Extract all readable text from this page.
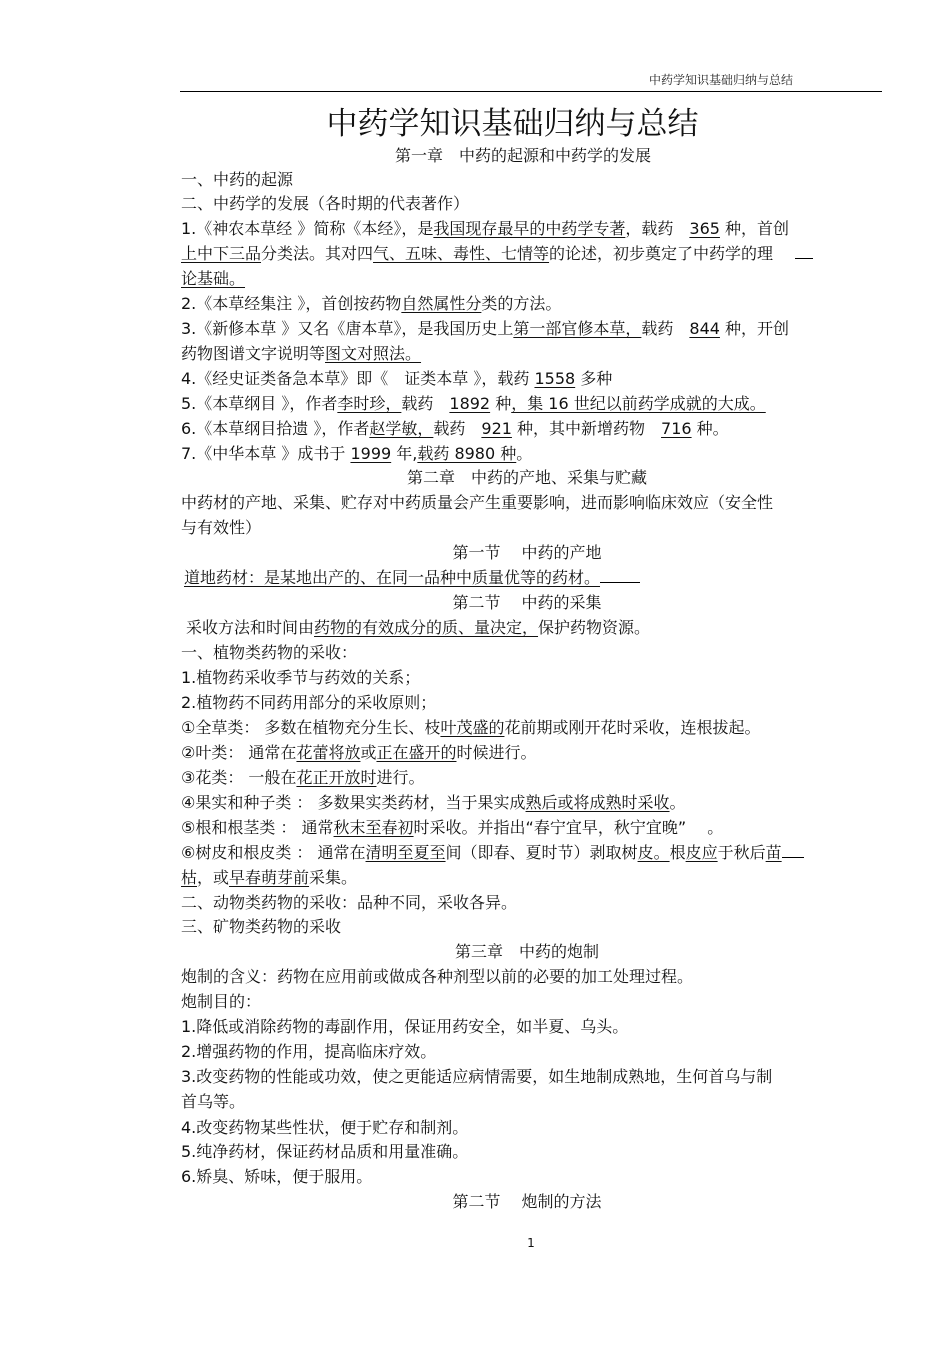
中药学知识基础归纳与总结
中药学知识基础归纳与总结

第一章　中药的起源和中药学的发展

一、中药的起源

二、中药学的发展（各时期的代表著作）

1.《神农本草经 》简称《本经》，是我国现存最早的中药学专著，载药　365 种，首创

上中下三品分类法。其对四气、五味、毒性、七情等的论述，初步奠定了中药学的理

论基础。

2.《本草经集注 》，首创按药物自然属性分类的方法。

3.《新修本草 》又名《唐本草》，是我国历史上第一部官修本草，载药　844 种，开创

药物图谱文字说明等图文对照法。

4.《经史证类备急本草》即《　证类本草 》，载药 1558 多种

5.《本草纲目 》，作者李时珍，载药　1892 种，集 16 世纪以前药学成就的大成。

6.《本草纲目拾遗 》，作者赵学敏，载药　921 种，其中新增药物　716 种。

7.《中华本草 》成书于 1999 年,载药 8980 种。

第二章　中药的产地、采集与贮藏

中药材的产地、采集、贮存对中药质量会产生重要影响，进而影响临床效应（安全性

与有效性）

第一节　 中药的产地

道地药材：是某地出产的、在同一品种中质量优等的药材。

第二节　 中药的采集

采收方法和时间由药物的有效成分的质、量决定，保护药物资源。

一、植物类药物的采收：

1.植物药采收季节与药效的关系；

2.植物药不同药用部分的采收原则；

①全草类： 多数在植物充分生长、枝叶茂盛的花前期或刚开花时采收，连根拔起。

②叶类： 通常在花蕾将放或正在盛开的时候进行。

③花类： 一般在花正开放时进行。

④果实和种子类 ： 多数果实类药材，当于果实成熟后或将成熟时采收。

⑤根和根茎类 ： 通常秋末至春初时采收。并指出“春宁宜早，秋宁宜晚”　 。

⑥树皮和根皮类 ： 通常在清明至夏至间（即春、夏时节）剥取树皮。根皮应于秋后苗

枯，或早春萌芽前采集。

二、动物类药物的采收：品种不同，采收各异。

三、矿物类药物的采收

第三章　中药的炮制

炮制的含义：药物在应用前或做成各种剂型以前的必要的加工处理过程。

炮制目的：

1.降低或消除药物的毒副作用，保证用药安全，如半夏、乌头。

2.增强药物的作用，提高临床疗效。

3.改变药物的性能或功效，使之更能适应病情需要，如生地制成熟地，生何首乌与制

首乌等。

4.改变药物某些性状，便于贮存和制剂。

5.纯净药材，保证药材品质和用量准确。

6.矫臭、矫味，便于服用。

第二节　 炮制的方法

1
